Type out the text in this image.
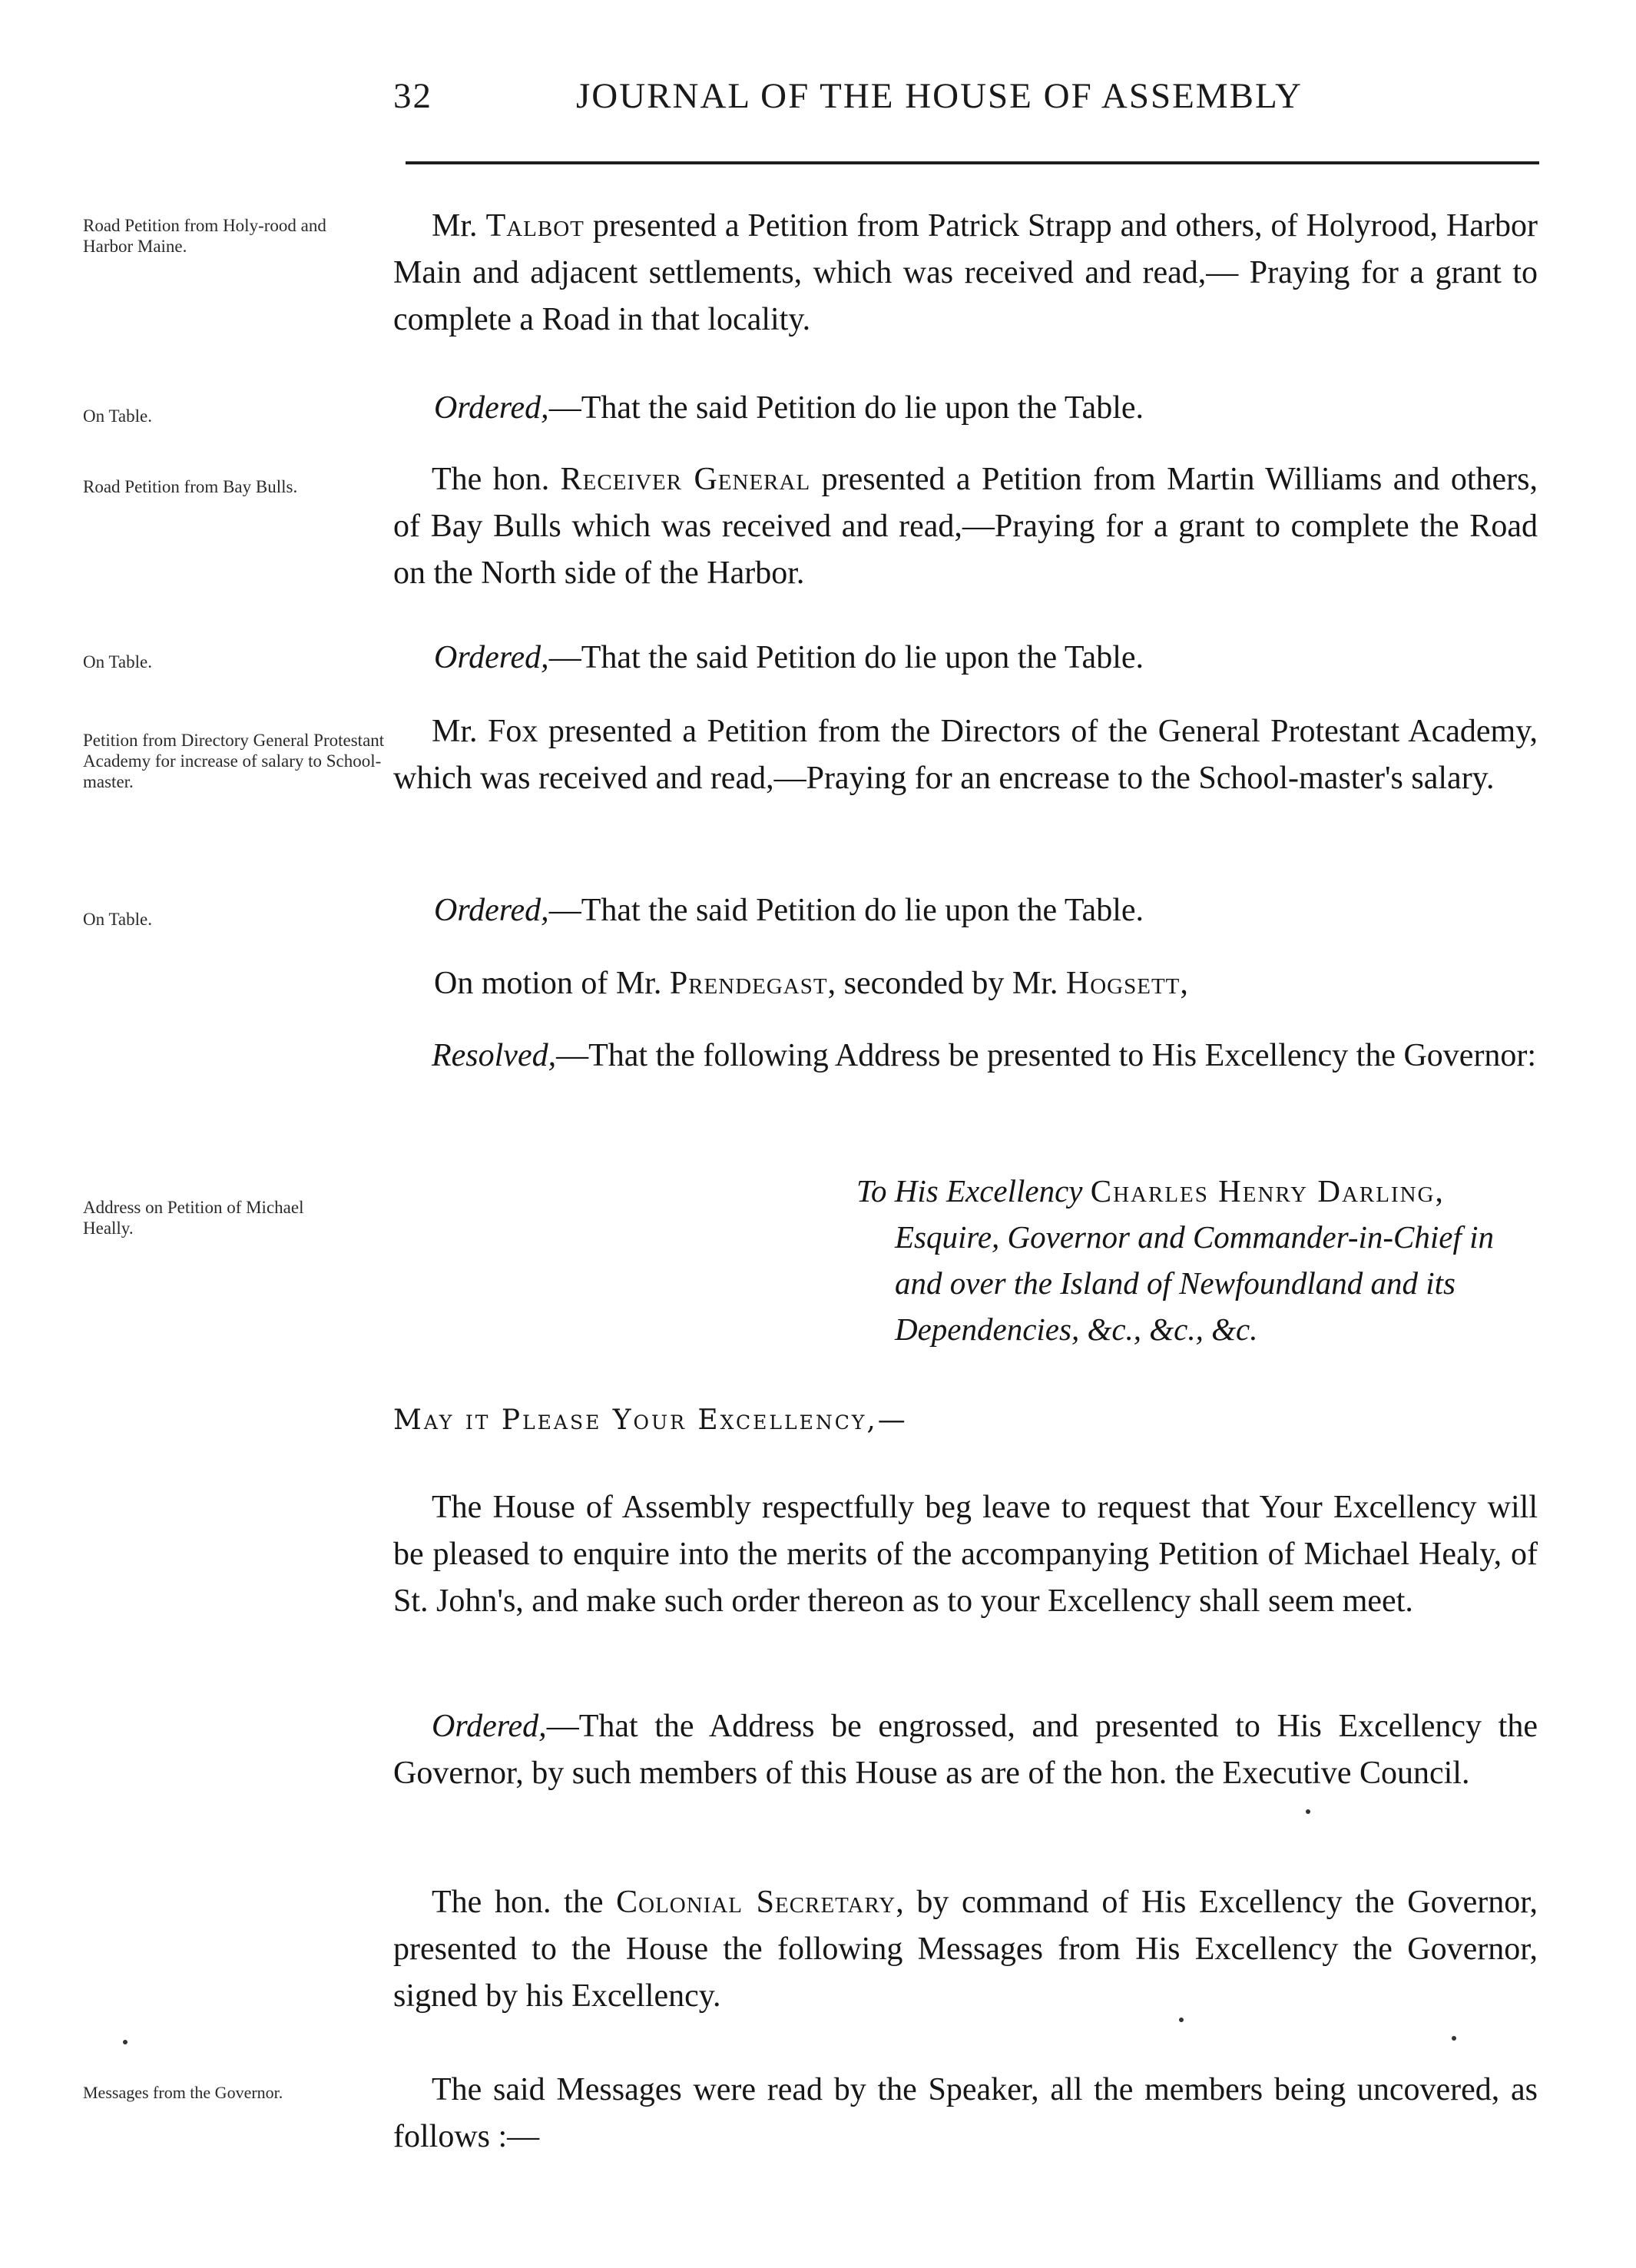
32	JOURNAL OF THE HOUSE OF ASSEMBLY
Road Petition from Holy-rood and Harbor Maine.
On Table.
Road Petition from Bay Bulls.
On Table.
Petition from Directory General Protestant Academy for increase of salary to School-master.
On Table.
Address on Petition of Michael Heally.
Messages from the Governor.
Mr. Talbot presented a Petition from Patrick Strapp and others, of Holyrood, Harbor Main and adjacent settlements, which was received and read,— Praying for a grant to complete a Road in that locality.
Ordered,—That the said Petition do lie upon the Table.
The hon. Receiver General presented a Petition from Martin Williams and others, of Bay Bulls which was received and read,—Praying for a grant to complete the Road on the North side of the Harbor.
Ordered,—That the said Petition do lie upon the Table.
Mr. Fox presented a Petition from the Directors of the General Protestant Academy, which was received and read,—Praying for an encrease to the School-master's salary.
Ordered,—That the said Petition do lie upon the Table.
On motion of Mr. Prendegast, seconded by Mr. Hogsett,
Resolved,—That the following Address be presented to His Excellency the Governor:
To His Excellency Charles Henry Darling,
Esquire, Governor and Commander-in-Chief in and over the Island of Newfoundland and its Dependencies, &c., &c., &c.
May it Please Your Excellency,—
The House of Assembly respectfully beg leave to request that Your Excellency will be pleased to enquire into the merits of the accompanying Petition of Michael Healy, of St. John's, and make such order thereon as to your Excellency shall seem meet.
Ordered,—That the Address be engrossed, and presented to His Excellency the Governor, by such members of this House as are of the hon. the Executive Council.
The hon. the Colonial Secretary, by command of His Excellency the Governor, presented to the House the following Messages from His Excellency the Governor, signed by his Excellency.
The said Messages were read by the Speaker, all the members being uncovered, as follows :—
